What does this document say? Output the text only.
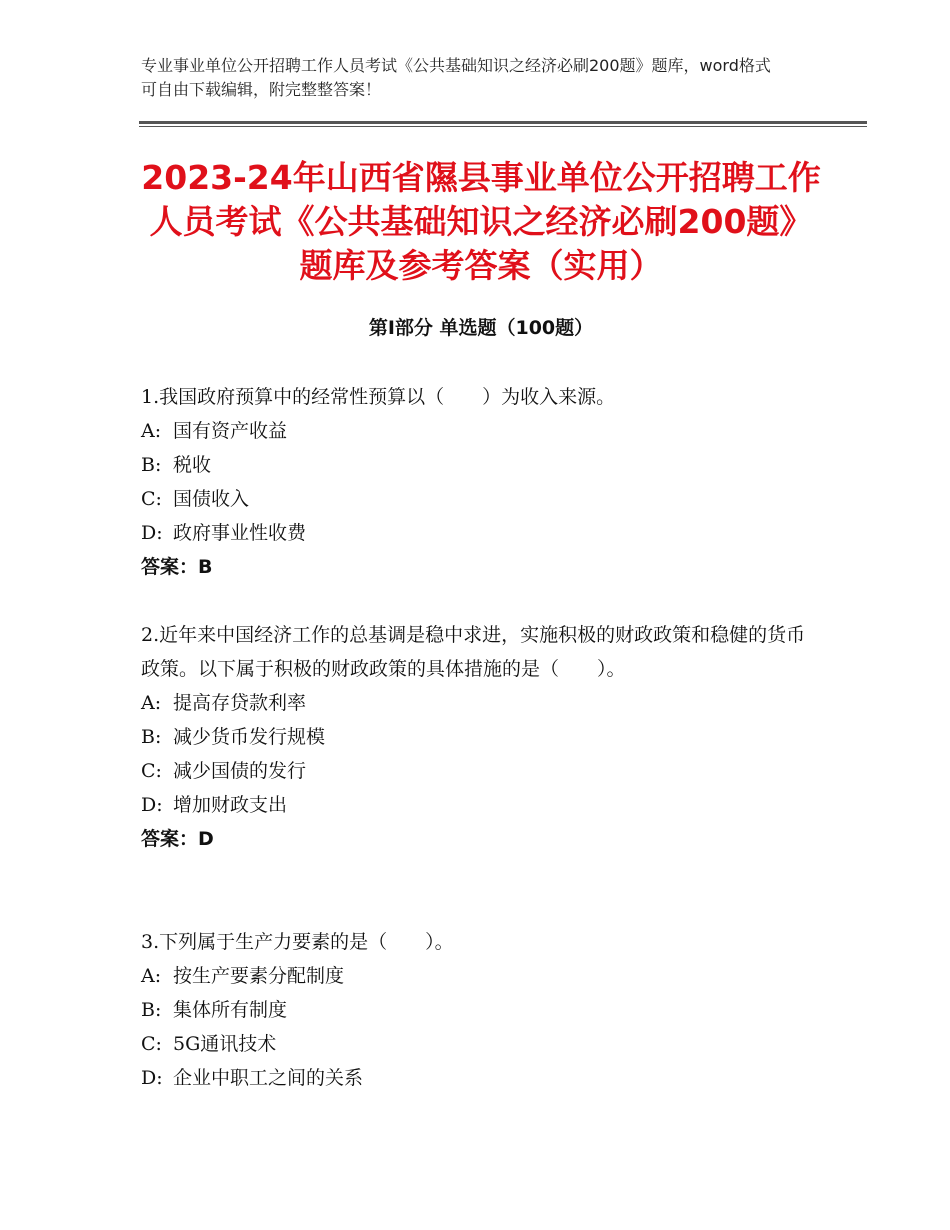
专业事业单位公开招聘工作人员考试《公共基础知识之经济必刷200题》题库，word格式可自由下载编辑，附完整整答案！
2023-24年山西省隰县事业单位公开招聘工作人员考试《公共基础知识之经济必刷200题》题库及参考答案（实用）
第Ⅰ部分 单选题（100题）
1.我国政府预算中的经常性预算以（　　）为收入来源。
A: 国有资产收益
B: 税收
C: 国债收入
D: 政府事业性收费
答案：B
2.近年来中国经济工作的总基调是稳中求进，实施积极的财政政策和稳健的货币政策。以下属于积极的财政政策的具体措施的是（　　）。
A: 提高存贷款利率
B: 减少货币发行规模
C: 减少国债的发行
D: 增加财政支出
答案：D
3.下列属于生产力要素的是（　　）。
A: 按生产要素分配制度
B: 集体所有制度
C: 5G通讯技术
D: 企业中职工之间的关系
